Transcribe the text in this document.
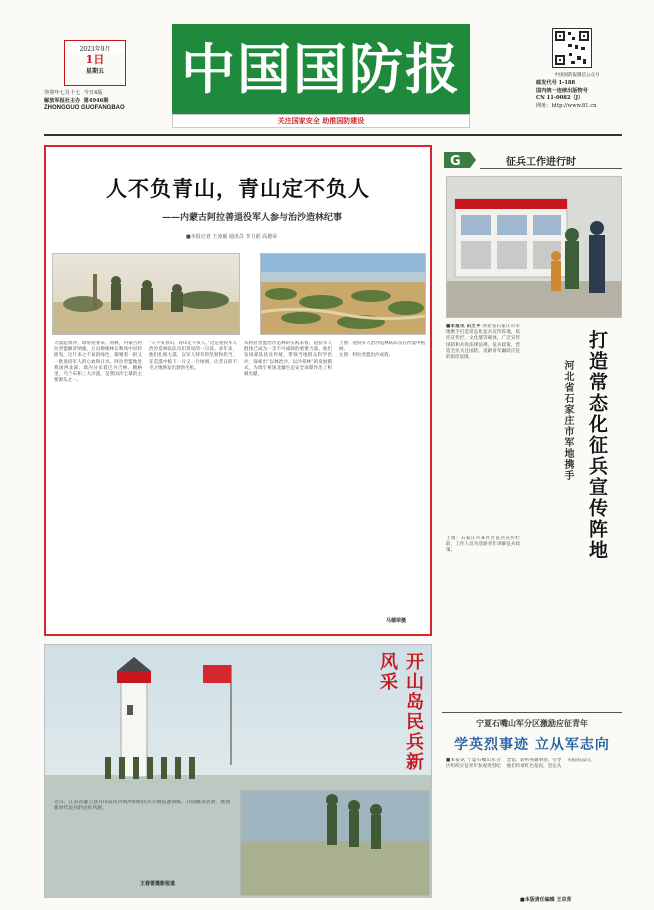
2023年9月
1日
星期五
癸卯年七月十七 今日4版
解放军报社主办 第4946期
ZHONGGUO GUOFANGBAO
中国国防报
关注国家安全 助推国防建设
中国国防报微信公众号
邮发代号 1-188
国内统一连续出版物号
CN 11-0082（J）
网址：http://www.81.cn
人不负青山，青山定不负人
——内蒙古阿拉善退役军人参与治沙造林纪事
■本报记者 王凌硕 通讯员 李卫彪 高德荣
大漠起黄沙，绿带迎春来。初秋，内蒙古阿拉善盟额济纳旗，万亩梭梭林在秋风中轻轻摇曳，这片来之不易的绿色，凝聚着一批又一批退役军人的心血和汗水。阿拉善盟地处我国西北部，境内分布着巴丹吉林、腾格里、乌兰布和三大沙漠，是我国沙尘暴的主要源头之一。
“人不负青山，青山定不负人。”这是退役军人治沙造林队队员们常说的一句话。多年来，他们扎根大漠，以军人特有的坚韧和担当，在荒漠中植下一片又一片绿洲，让昔日的不毛之地焕发出勃勃生机。
从阿拉善盟治沙造林的实践来看，退役军人群体已成为一支不可或缺的重要力量。他们发扬部队优良传统，带领当地群众科学治沙，探索出“以林治沙、以沙养林”的发展模式，为筑牢祖国北疆生态安全屏障作出了积极贡献。
上图：退役军人治沙造林队队员在沙漠中植树。
左图：阿拉善盟治沙成效。
马德荣摄
G	征兵工作进行时
■本报讯 田芝平 河北省石家庄市军地携手打造常态化征兵宣传阵地，依托宣传栏、文化墙等载体，广泛宣传国防和兵役法律法规、征兵政策，营造全民关注国防、适龄青年踊跃应征的浓厚氛围。
上图：石家庄市某社区征兵宣传栏前，工作人员为适龄青年讲解征兵政策。	打造常态化征兵宣传阵地
河北省石家庄市军地携手
开山岛民兵新风采
近日，江苏省灌云县开山岛民兵哨所组织民兵开展巡逻训练、升国旗等活动，展现新时代民兵的良好风貌。
王春雷摄影报道
宁夏石嘴山军分区激励应征青年
学英烈事迹 立从军志向
■本报讯 宁夏石嘴山军分区组织应征青年参观英烈纪念馆，聆听英雄事迹，引导他们传承红色基因，坚定从军报国志向。
■本版责任编辑 王京育
